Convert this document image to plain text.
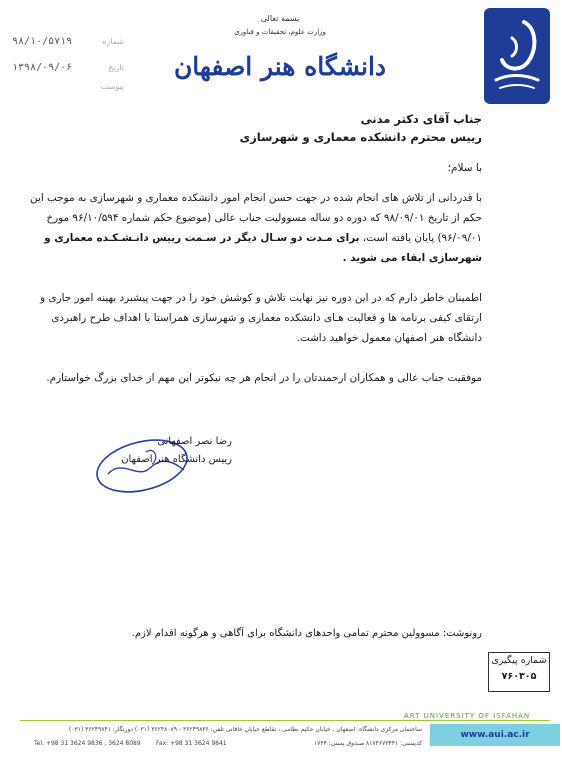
بسمه تعالی
وزارت علوم، تحقیقات و فناوری
دانشگاه هنر اصفهان
۹۸/۱۰/۵۷۱۹	شماره
۱۳۹۸/۰۹/۰۶	تاریخ
پیوست
جناب آقای دکتر مدنی
رییس محترم دانشکده معماری و شهرسازی
با سلام؛
با قدردانی از تلاش های انجام شده در جهت حسن انجام امور دانشکده معماری و شهرسازی به موجب این
حکم از تاریخ ۹۸/۰۹/۰۱ که دوره دو ساله مسوولیت جناب عالی (موضوع حکم شماره ۹۶/۱۰/۵۹۴ مورخ
۹۶/۰۹/۰۱) پایان یافته است، برای مـدت دو سـال دیگر در سـمت رییس دانـشـکـده معماری و
شهرسازی ابقاء می شوید .
اطمینان خاطر دارم که در این دوره نیز نهایت تلاش و کوشش خود را در جهت پیشبرد بهینه امور جاری و
ارتقای کیفی برنامه ها و فعالیت هـای دانشکده معماری و شهرسازی همراستا با اهداف طرح راهبردی
دانشگاه هنر اصفهان معمول خواهید داشت.
موفقیت جناب عالی و همکاران ارجمندتان را در انجام هر چه نیکوتر این مهم از خدای بزرگ خواستارم.
رضا نصر اصفهانی
رییس دانشگاه هنر اصفهان
رونوشت: مسوولین محترم تمامی واحدهای دانشگاه برای آگاهی و هرگونه اقدام لازم.
شماره پیگیری
۷۶۰۳۰۵
ART UNIVERSITY OF ISFAHAN
ساختمان مرکزی دانشگاه: اصفهان ، خیابان حکیم نظامی ، تقاطع خیابان خاقانی تلفن: ۳۶۲۴۹۸۳۶ - ۳۶۲۴۸۰۸۹ (۰۳۱) دورنگار: ۳۶۲۴۹۸۴۱ (۰۳۱)
کدپستی: ۸۱۷۴۶۷۳۴۴۱ صندوق پستی: ۱۷۴۴
Tel: +98 31 3624 9836 , 3624 8089	Fax: +98 31 3624 9841
www.aui.ac.ir
